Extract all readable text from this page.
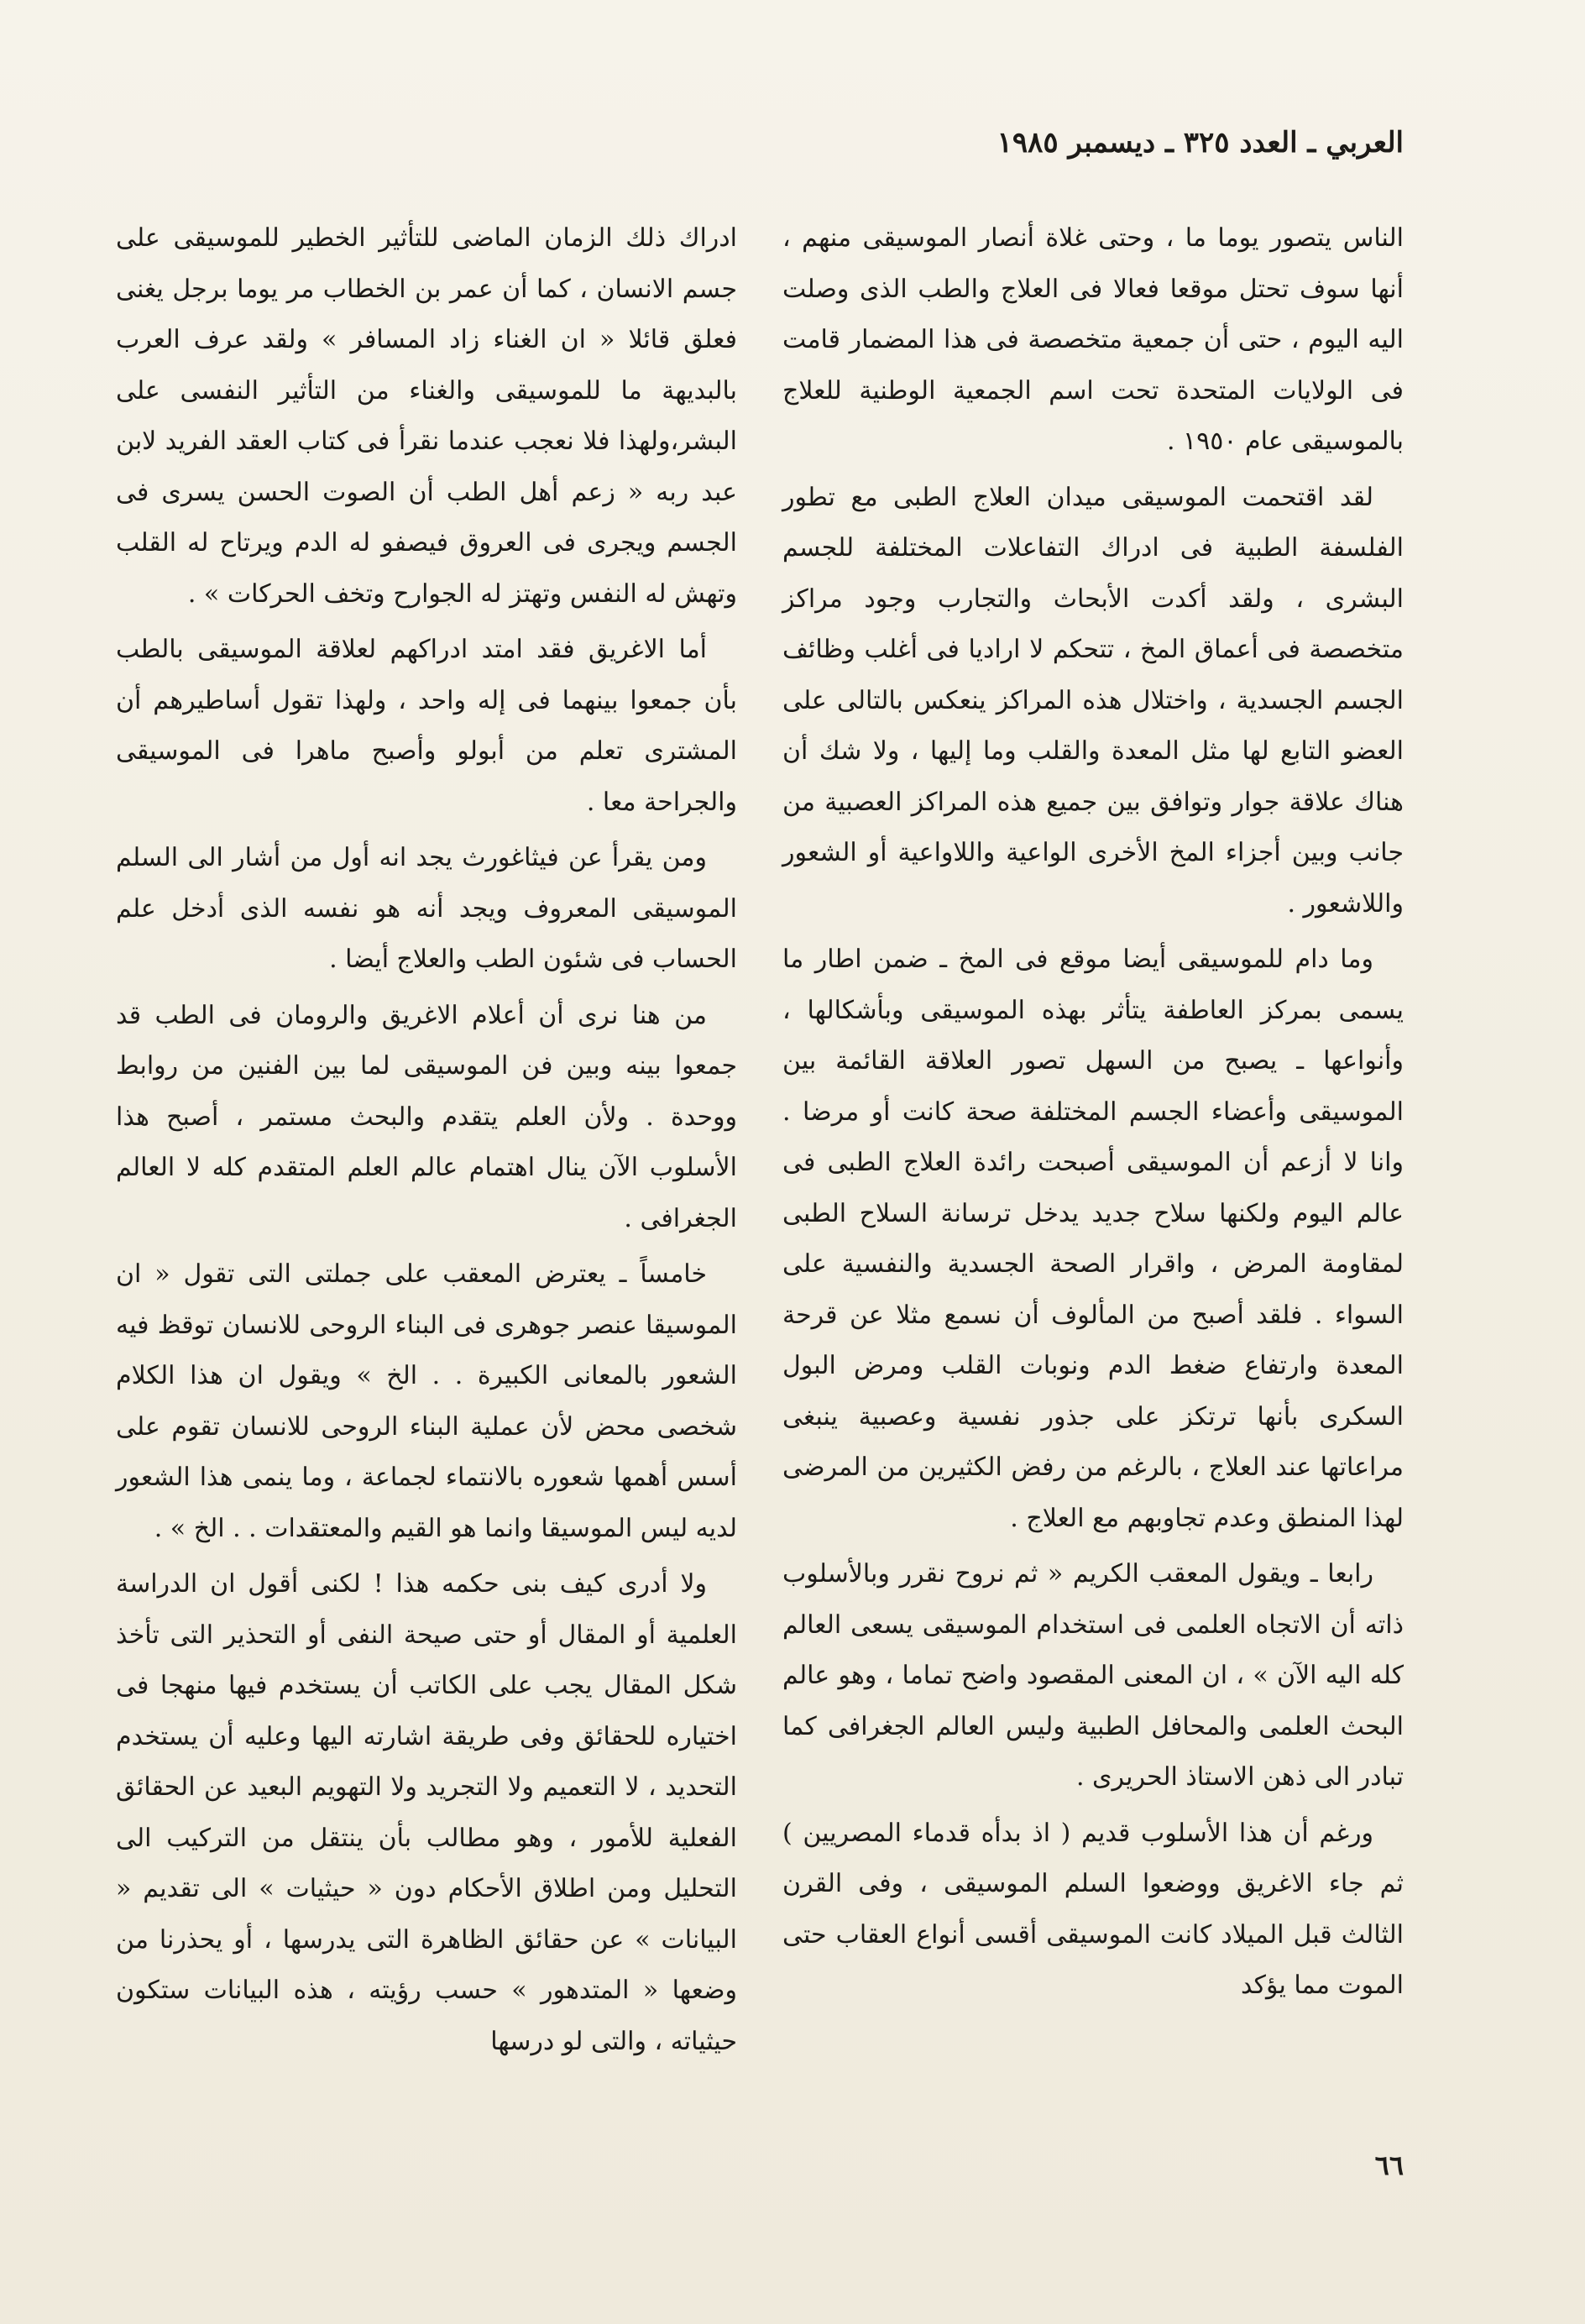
العربي ـ العدد ٣٢٥ ـ ديسمبر ١٩٨٥

الناس يتصور يوما ما ، وحتى غلاة أنصار الموسيقى منهم ، أنها سوف تحتل موقعا فعالا فى العلاج والطب الذى وصلت اليه اليوم ، حتى أن جمعية متخصصة فى هذا المضمار قامت فى الولايات المتحدة تحت اسم الجمعية الوطنية للعلاج بالموسيقى عام ١٩٥٠ .

لقد اقتحمت الموسيقى ميدان العلاج الطبى مع تطور الفلسفة الطبية فى ادراك التفاعلات المختلفة للجسم البشرى ، ولقد أكدت الأبحاث والتجارب وجود مراكز متخصصة فى أعماق المخ ، تتحكم لا اراديا فى أغلب وظائف الجسم الجسدية ، واختلال هذه المراكز ينعكس بالتالى على العضو التابع لها مثل المعدة والقلب وما إليها ، ولا شك أن هناك علاقة جوار وتوافق بين جميع هذه المراكز العصبية من جانب وبين أجزاء المخ الأخرى الواعية واللاواعية أو الشعور واللاشعور .

وما دام للموسيقى أيضا موقع فى المخ ـ ضمن اطار ما يسمى بمركز العاطفة يتأثر بهذه الموسيقى وبأشكالها ، وأنواعها ـ يصبح من السهل تصور العلاقة القائمة بين الموسيقى وأعضاء الجسم المختلفة صحة كانت أو مرضا . وانا لا أزعم أن الموسيقى أصبحت رائدة العلاج الطبى فى عالم اليوم ولكنها سلاح جديد يدخل ترسانة السلاح الطبى لمقاومة المرض ، واقرار الصحة الجسدية والنفسية على السواء . فلقد أصبح من المألوف أن نسمع مثلا عن قرحة المعدة وارتفاع ضغط الدم ونوبات القلب ومرض البول السكرى بأنها ترتكز على جذور نفسية وعصبية ينبغى مراعاتها عند العلاج ، بالرغم من رفض الكثيرين من المرضى لهذا المنطق وعدم تجاوبهم مع العلاج .

رابعا ـ ويقول المعقب الكريم « ثم نروح نقرر وبالأسلوب ذاته أن الاتجاه العلمى فى استخدام الموسيقى يسعى العالم كله اليه الآن » ، ان المعنى المقصود واضح تماما ، وهو عالم البحث العلمى والمحافل الطبية وليس العالم الجغرافى كما تبادر الى ذهن الاستاذ الحريرى .

ورغم أن هذا الأسلوب قديم ( اذ بدأه قدماء المصريين ) ثم جاء الاغريق ووضعوا السلم الموسيقى ، وفى القرن الثالث قبل الميلاد كانت الموسيقى أقسى أنواع العقاب حتى الموت مما يؤكد

ادراك ذلك الزمان الماضى للتأثير الخطير للموسيقى على جسم الانسان ، كما أن عمر بن الخطاب مر يوما برجل يغنى فعلق قائلا « ان الغناء زاد المسافر » ولقد عرف العرب بالبديهة ما للموسيقى والغناء من التأثير النفسى على البشر،ولهذا فلا نعجب عندما نقرأ فى كتاب العقد الفريد لابن عبد ربه « زعم أهل الطب أن الصوت الحسن يسرى فى الجسم ويجرى فى العروق فيصفو له الدم ويرتاح له القلب وتهش له النفس وتهتز له الجوارح وتخف الحركات » .

أما الاغريق فقد امتد ادراكهم لعلاقة الموسيقى بالطب بأن جمعوا بينهما فى إله واحد ، ولهذا تقول أساطيرهم أن المشترى تعلم من أبولو وأصبح ماهرا فى الموسيقى والجراحة معا .

ومن يقرأ عن فيثاغورث يجد انه أول من أشار الى السلم الموسيقى المعروف ويجد أنه هو نفسه الذى أدخل علم الحساب فى شئون الطب والعلاج أيضا .

من هنا نرى أن أعلام الاغريق والرومان فى الطب قد جمعوا بينه وبين فن الموسيقى لما بين الفنين من روابط ووحدة . ولأن العلم يتقدم والبحث مستمر ، أصبح هذا الأسلوب الآن ينال اهتمام عالم العلم المتقدم كله لا العالم الجغرافى .

خامساً ـ يعترض المعقب على جملتى التى تقول « ان الموسيقا عنصر جوهرى فى البناء الروحى للانسان توقظ فيه الشعور بالمعانى الكبيرة . . الخ » ويقول ان هذا الكلام شخصى محض لأن عملية البناء الروحى للانسان تقوم على أسس أهمها شعوره بالانتماء لجماعة ، وما ينمى هذا الشعور لديه ليس الموسيقا وانما هو القيم والمعتقدات . . الخ » .

ولا أدرى كيف بنى حكمه هذا ! لكنى أقول ان الدراسة العلمية أو المقال أو حتى صيحة النفى أو التحذير التى تأخذ شكل المقال يجب على الكاتب أن يستخدم فيها منهجا فى اختياره للحقائق وفى طريقة اشارته اليها وعليه أن يستخدم التحديد ، لا التعميم ولا التجريد ولا التهويم البعيد عن الحقائق الفعلية للأمور ، وهو مطالب بأن ينتقل من التركيب الى التحليل ومن اطلاق الأحكام دون « حيثيات » الى تقديم « البيانات » عن حقائق الظاهرة التى يدرسها ، أو يحذرنا من وضعها « المتدهور » حسب رؤيته ، هذه البيانات ستكون حيثياته ، والتى لو درسها

٦٦
